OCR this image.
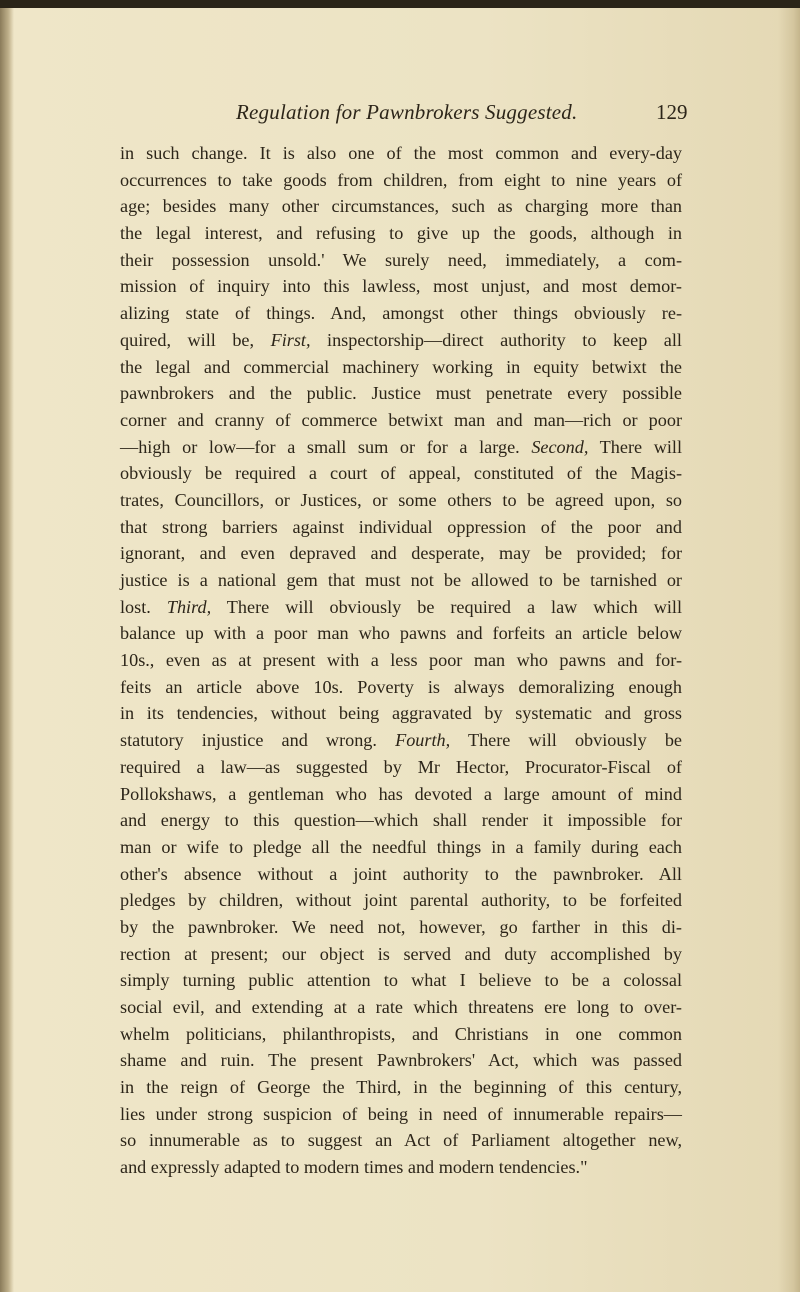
Regulation for Pawnbrokers Suggested.	129
in such change. It is also one of the most common and every-day
occurrences to take goods from children, from eight to nine years of
age; besides many other circumstances, such as charging more than
the legal interest, and refusing to give up the goods, although in
their possession unsold.' We surely need, immediately, a com-
mission of inquiry into this lawless, most unjust, and most demor-
alizing state of things. And, amongst other things obviously re-
quired, will be, First, inspectorship—direct authority to keep all
the legal and commercial machinery working in equity betwixt the
pawnbrokers and the public. Justice must penetrate every possible
corner and cranny of commerce betwixt man and man—rich or poor
—high or low—for a small sum or for a large. Second, There will
obviously be required a court of appeal, constituted of the Magis-
trates, Councillors, or Justices, or some others to be agreed upon, so
that strong barriers against individual oppression of the poor and
ignorant, and even depraved and desperate, may be provided; for
justice is a national gem that must not be allowed to be tarnished or
lost. Third, There will obviously be required a law which will
balance up with a poor man who pawns and forfeits an article below
10s., even as at present with a less poor man who pawns and for-
feits an article above 10s. Poverty is always demoralizing enough
in its tendencies, without being aggravated by systematic and gross
statutory injustice and wrong. Fourth, There will obviously be
required a law—as suggested by Mr Hector, Procurator-Fiscal of
Pollokshaws, a gentleman who has devoted a large amount of mind
and energy to this question—which shall render it impossible for
man or wife to pledge all the needful things in a family during each
other's absence without a joint authority to the pawnbroker. All
pledges by children, without joint parental authority, to be forfeited
by the pawnbroker. We need not, however, go farther in this di-
rection at present; our object is served and duty accomplished by
simply turning public attention to what I believe to be a colossal
social evil, and extending at a rate which threatens ere long to over-
whelm politicians, philanthropists, and Christians in one common
shame and ruin. The present Pawnbrokers' Act, which was passed
in the reign of George the Third, in the beginning of this century,
lies under strong suspicion of being in need of innumerable repairs—
so innumerable as to suggest an Act of Parliament altogether new,
and expressly adapted to modern times and modern tendencies."
